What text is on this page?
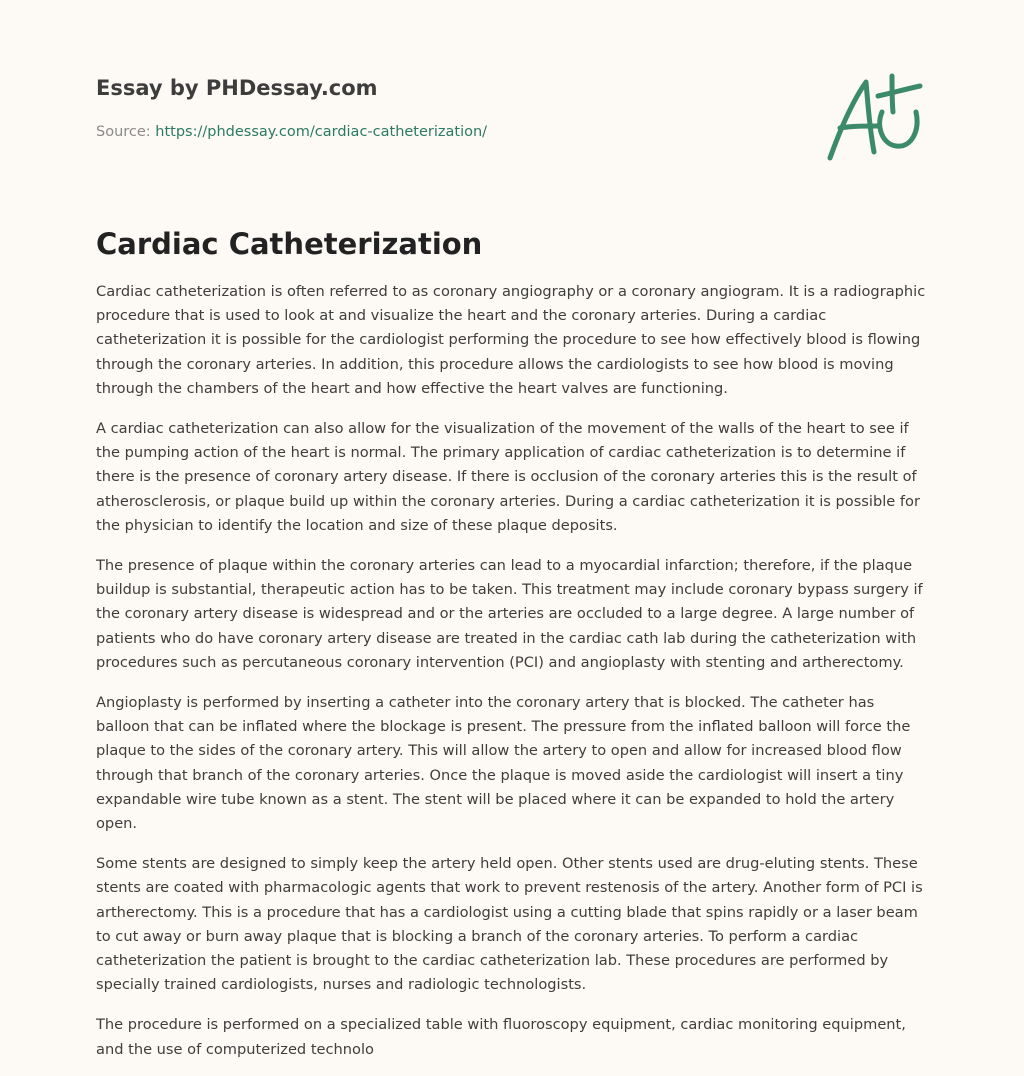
Essay by PHDessay.com

Source: https://phdessay.com/cardiac-catheterization/

Cardiac Catheterization

Cardiac catheterization is often referred to as coronary angiography or a coronary angiogram. It is a radiographic procedure that is used to look at and visualize the heart and the coronary arteries. During a cardiac catheterization it is possible for the cardiologist performing the procedure to see how effectively blood is flowing through the coronary arteries. In addition, this procedure allows the cardiologists to see how blood is moving through the chambers of the heart and how effective the heart valves are functioning.

A cardiac catheterization can also allow for the visualization of the movement of the walls of the heart to see if the pumping action of the heart is normal. The primary application of cardiac catheterization is to determine if there is the presence of coronary artery disease. If there is occlusion of the coronary arteries this is the result of atherosclerosis, or plaque build up within the coronary arteries. During a cardiac catheterization it is possible for the physician to identify the location and size of these plaque deposits.

The presence of plaque within the coronary arteries can lead to a myocardial infarction; therefore, if the plaque buildup is substantial, therapeutic action has to be taken. This treatment may include coronary bypass surgery if the coronary artery disease is widespread and or the arteries are occluded to a large degree. A large number of patients who do have coronary artery disease are treated in the cardiac cath lab during the catheterization with procedures such as percutaneous coronary intervention (PCI) and angioplasty with stenting and artherectomy.

Angioplasty is performed by inserting a catheter into the coronary artery that is blocked. The catheter has balloon that can be inflated where the blockage is present. The pressure from the inflated balloon will force the plaque to the sides of the coronary artery. This will allow the artery to open and allow for increased blood flow through that branch of the coronary arteries. Once the plaque is moved aside the cardiologist will insert a tiny expandable wire tube known as a stent. The stent will be placed where it can be expanded to hold the artery open.

Some stents are designed to simply keep the artery held open. Other stents used are drug-eluting stents. These stents are coated with pharmacologic agents that work to prevent restenosis of the artery. Another form of PCI is artherectomy. This is a procedure that has a cardiologist using a cutting blade that spins rapidly or a laser beam to cut away or burn away plaque that is blocking a branch of the coronary arteries. To perform a cardiac catheterization the patient is brought to the cardiac catheterization lab. These procedures are performed by specially trained cardiologists, nurses and radiologic technologists.

The procedure is performed on a specialized table with fluoroscopy equipment, cardiac monitoring equipment, and the use of computerized technolo
